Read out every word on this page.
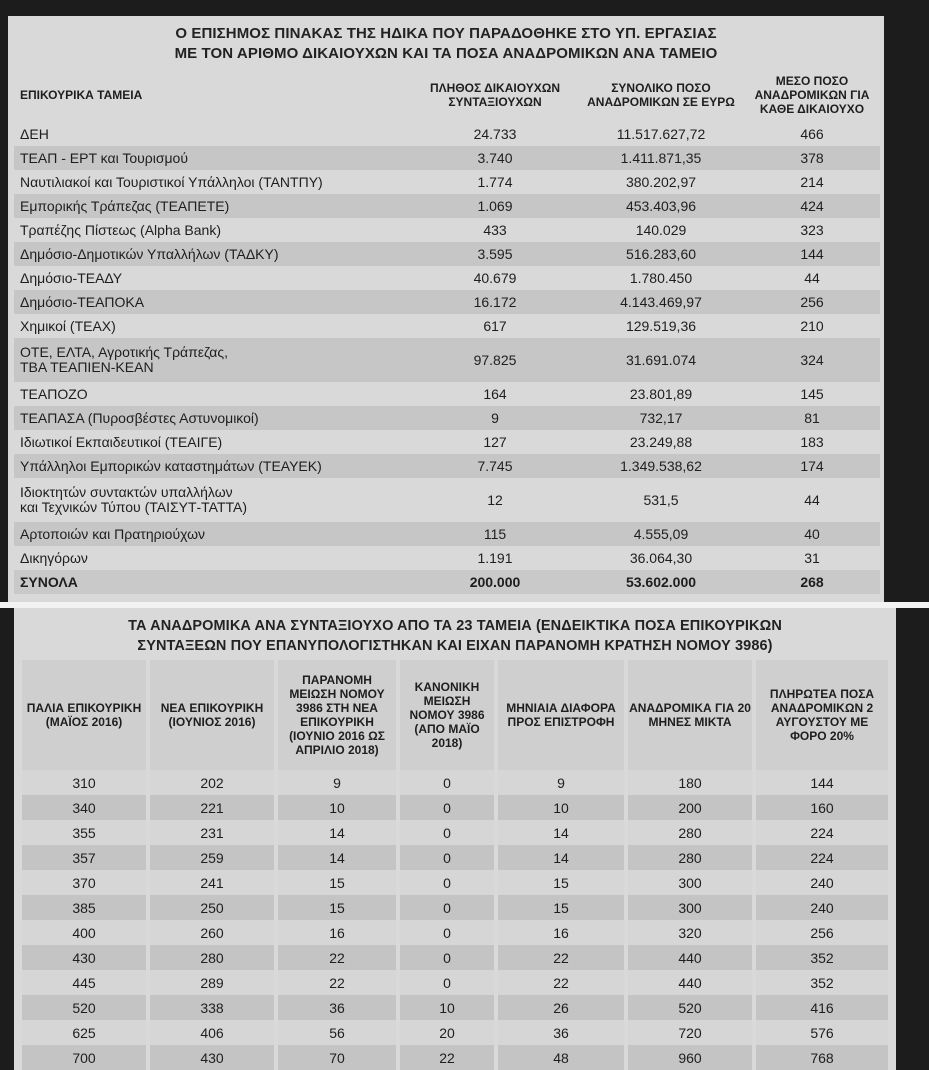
Ο ΕΠΙΣΗΜΟΣ ΠΙΝΑΚΑΣ ΤΗΣ ΗΔΙΚΑ ΠΟΥ ΠΑΡΑΔΟΘΗΚΕ ΣΤΟ ΥΠ. ΕΡΓΑΣΙΑΣ
ΜΕ ΤΟΝ ΑΡΙΘΜΟ ΔΙΚΑΙΟΥΧΩΝ ΚΑΙ ΤΑ ΠΟΣΑ ΑΝΑΔΡΟΜΙΚΩΝ ΑΝΑ ΤΑΜΕΙΟ
ΕΠΙΚΟΥΡΙΚΑ ΤΑΜΕΙΑ	ΠΛΗΘΟΣ ΔΙΚΑΙΟΥΧΩΝ ΣΥΝΤΑΞΙΟΥΧΩΝ	ΣΥΝΟΛΙΚΟ ΠΟΣΟ ΑΝΑΔΡΟΜΙΚΩΝ ΣΕ ΕΥΡΩ	ΜΕΣΟ ΠΟΣΟ ΑΝΑΔΡΟΜΙΚΩΝ ΓΙΑ ΚΑΘΕ ΔΙΚΑΙΟΥΧΟ
ΔΕΗ	24.733	11.517.627,72	466
ΤΕΑΠ - ΕΡΤ και Τουρισμού	3.740	1.411.871,35	378
Ναυτιλιακοί και Τουριστικοί Υπάλληλοι (ΤΑΝΤΠΥ)	1.774	380.202,97	214
Εμπορικής Τράπεζας (ΤΕΑΠΕΤΕ)	1.069	453.403,96	424
Τραπέζης Πίστεως (Alpha Bank)	433	140.029	323
Δημόσιο-Δημοτικών Υπαλλήλων (ΤΑΔΚΥ)	3.595	516.283,60	144
Δημόσιο-ΤΕΑΔΥ	40.679	1.780.450	44
Δημόσιο-ΤΕΑΠΟΚΑ	16.172	4.143.469,97	256
Χημικοί (ΤΕΑΧ)	617	129.519,36	210

ΟΤΕ, ΕΛΤΑ, Αγροτικής Τράπεζας,
ΤΒΑ ΤΕΑΠΙΕΝ-ΚΕΑΝ	97.825	31.691.074	324
ΤΕΑΠΟΖΟ	164	23.801,89	145
ΤΕΑΠΑΣΑ (Πυροσβέστες Αστυνομικοί)	9	732,17	81
Ιδιωτικοί Εκπαιδευτικοί (ΤΕΑΙΓΕ)	127	23.249,88	183
Υπάλληλοι Εμπορικών καταστημάτων (ΤΕΑΥΕΚ)	7.745	1.349.538,62	174

Ιδιοκτητών συντακτών υπαλλήλων
και Τεχνικών Τύπου (ΤΑΙΣΥΤ-ΤΑΤΤΑ)	12	531,5	44
Αρτοποιών και Πρατηριούχων	115	4.555,09	40
Δικηγόρων	1.191	36.064,30	31
ΣΥΝΟΛΑ	200.000	53.602.000	268
ΤΑ ΑΝΑΔΡΟΜΙΚΑ ΑΝΑ ΣΥΝΤΑΞΙΟΥΧΟ ΑΠΟ ΤΑ 23 ΤΑΜΕΙΑ (ΕΝΔΕΙΚΤΙΚΑ ΠΟΣΑ ΕΠΙΚΟΥΡΙΚΩΝ
ΣΥΝΤΑΞΕΩΝ ΠΟΥ ΕΠΑΝΥΠΟΛΟΓΙΣΤΗΚΑΝ ΚΑΙ ΕΙΧΑΝ ΠΑΡΑΝΟΜΗ ΚΡΑΤΗΣΗ ΝΟΜΟΥ 3986)
ΠΑΛΙΑ ΕΠΙΚΟΥΡΙΚΗ (ΜΑΪΟΣ 2016)	ΝΕΑ ΕΠΙΚΟΥΡΙΚΗ (ΙΟΥΝΙΟΣ 2016)	ΠΑΡΑΝΟΜΗ ΜΕΙΩΣΗ ΝΟΜΟΥ 3986 ΣΤΗ ΝΕΑ ΕΠΙΚΟΥΡΙΚΗ (ΙΟΥΝΙΟ 2016 ΩΣ ΑΠΡΙΛΙΟ 2018)	ΚΑΝΟΝΙΚΗ ΜΕΙΩΣΗ ΝΟΜΟΥ 3986 (ΑΠΟ ΜΑΪΟ 2018)	ΜΗΝΙΑΙΑ ΔΙΑΦΟΡΑ ΠΡΟΣ ΕΠΙΣΤΡΟΦΗ	ΑΝΑΔΡΟΜΙΚΑ ΓΙΑ 20 ΜΗΝΕΣ ΜΙΚΤΑ	ΠΛΗΡΩΤΕΑ ΠΟΣΑ ΑΝΑΔΡΟΜΙΚΩΝ 2 ΑΥΓΟΥΣΤΟΥ ΜΕ ΦΟΡΟ 20%
310	202	9	0	9	180	144
340	221	10	0	10	200	160
355	231	14	0	14	280	224
357	259	14	0	14	280	224
370	241	15	0	15	300	240
385	250	15	0	15	300	240
400	260	16	0	16	320	256
430	280	22	0	22	440	352
445	289	22	0	22	440	352
520	338	36	10	26	520	416
625	406	56	20	36	720	576
700	430	70	22	48	960	768
